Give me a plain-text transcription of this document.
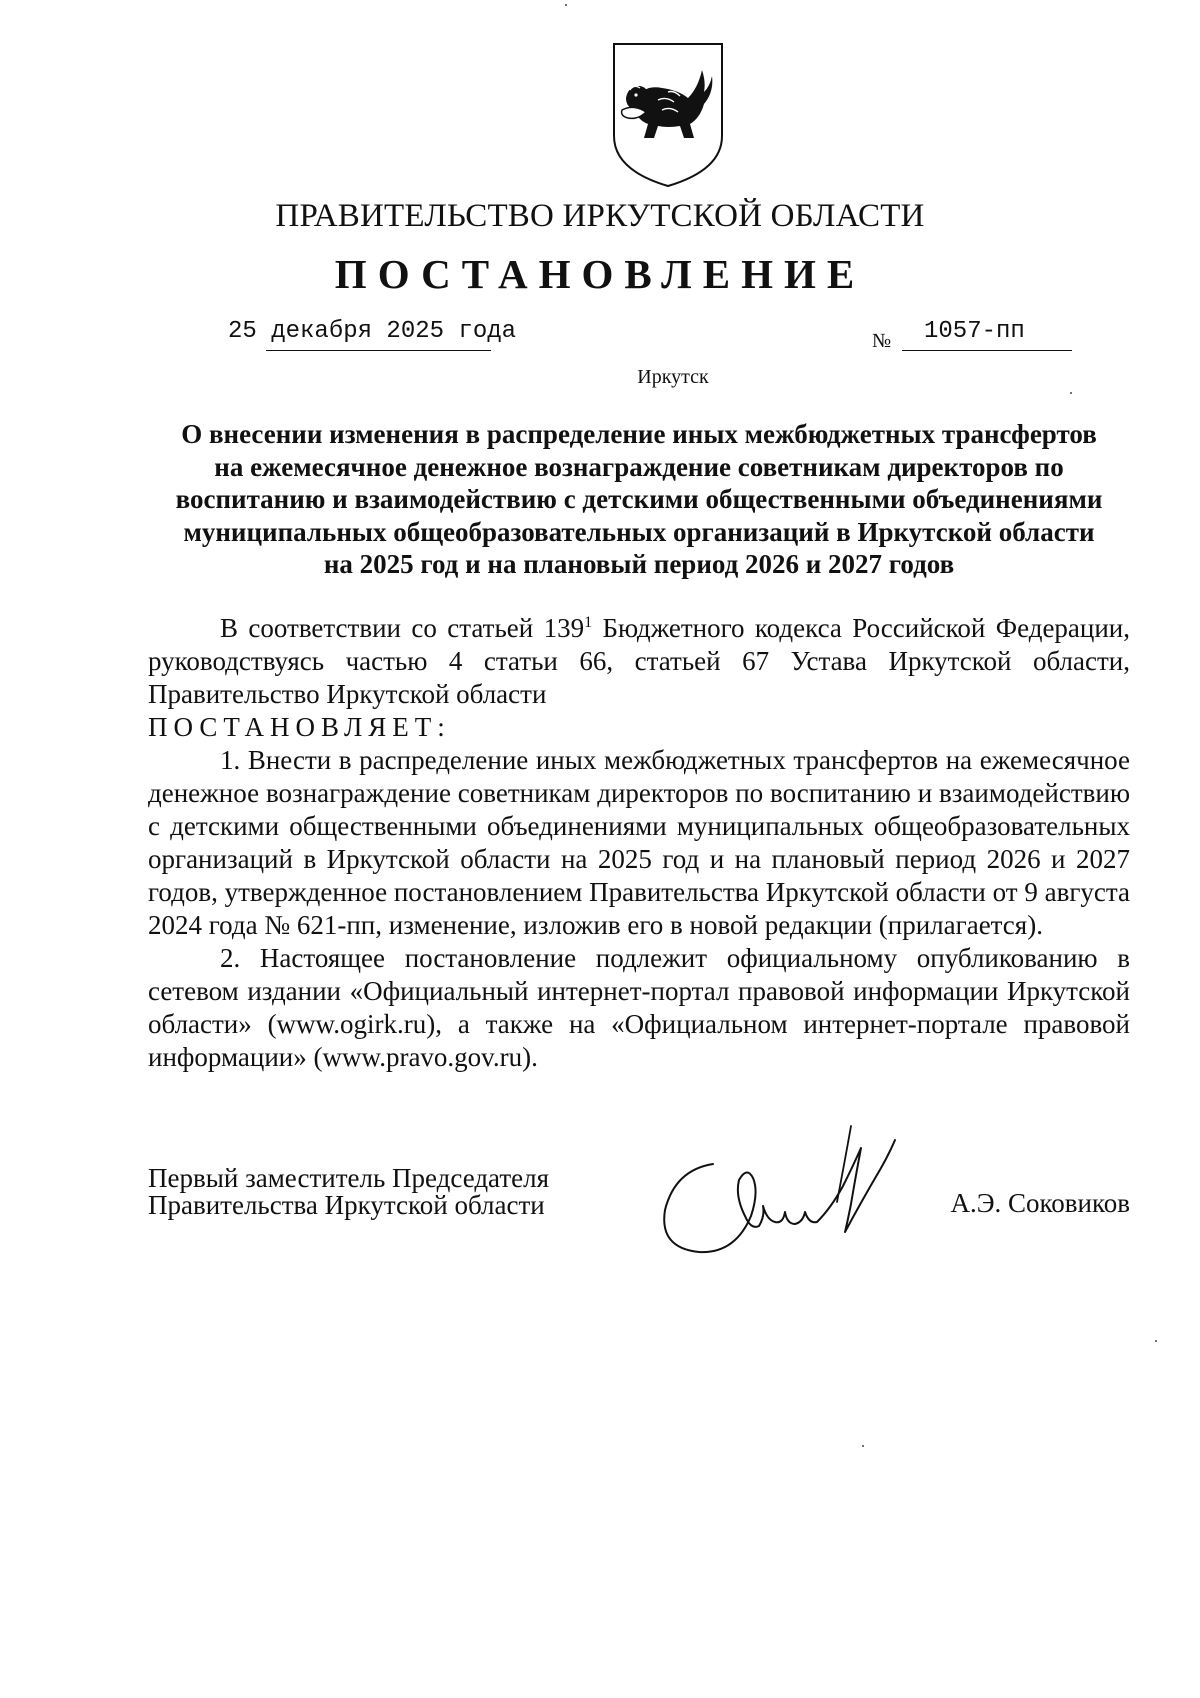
ПРАВИТЕЛЬСТВО ИРКУТСКОЙ ОБЛАСТИ
ПОСТАНОВЛЕНИЕ
25 декабря 2025 года	№ 1057-пп
Иркутск
О внесении изменения в распределение иных межбюджетных трансфертов
на ежемесячное денежное вознаграждение советникам директоров по
воспитанию и взаимодействию с детскими общественными объединениями
муниципальных общеобразовательных организаций в Иркутской области
на 2025 год и на плановый период 2026 и 2027 годов

В соответствии со статьей $139^1$ Бюджетного кодекса Российской Федерации, руководствуясь частью 4 статьи 66, статьей 67 Устава Иркутской области, Правительство Иркутской области

ПОСТАНОВЛЯЕТ:

1. Внести в распределение иных межбюджетных трансфертов на ежемесячное денежное вознаграждение советникам директоров по воспитанию и взаимодействию с детскими общественными объединениями муниципальных общеобразовательных организаций в Иркутской области на 2025 год и на плановый период 2026 и 2027 годов, утвержденное постановлением Правительства Иркутской области от 9 августа 2024 года № 621-пп, изменение, изложив его в новой редакции (прилагается).

2. Настоящее постановление подлежит официальному опубликованию в сетевом издании «Официальный интернет-портал правовой информации Иркутской области» (www.ogirk.ru), а также на «Официальном интернет-портале правовой информации» (www.pravo.gov.ru).

Первый заместитель Председателя
Правительства Иркутской области	А.Э. Соковиков
